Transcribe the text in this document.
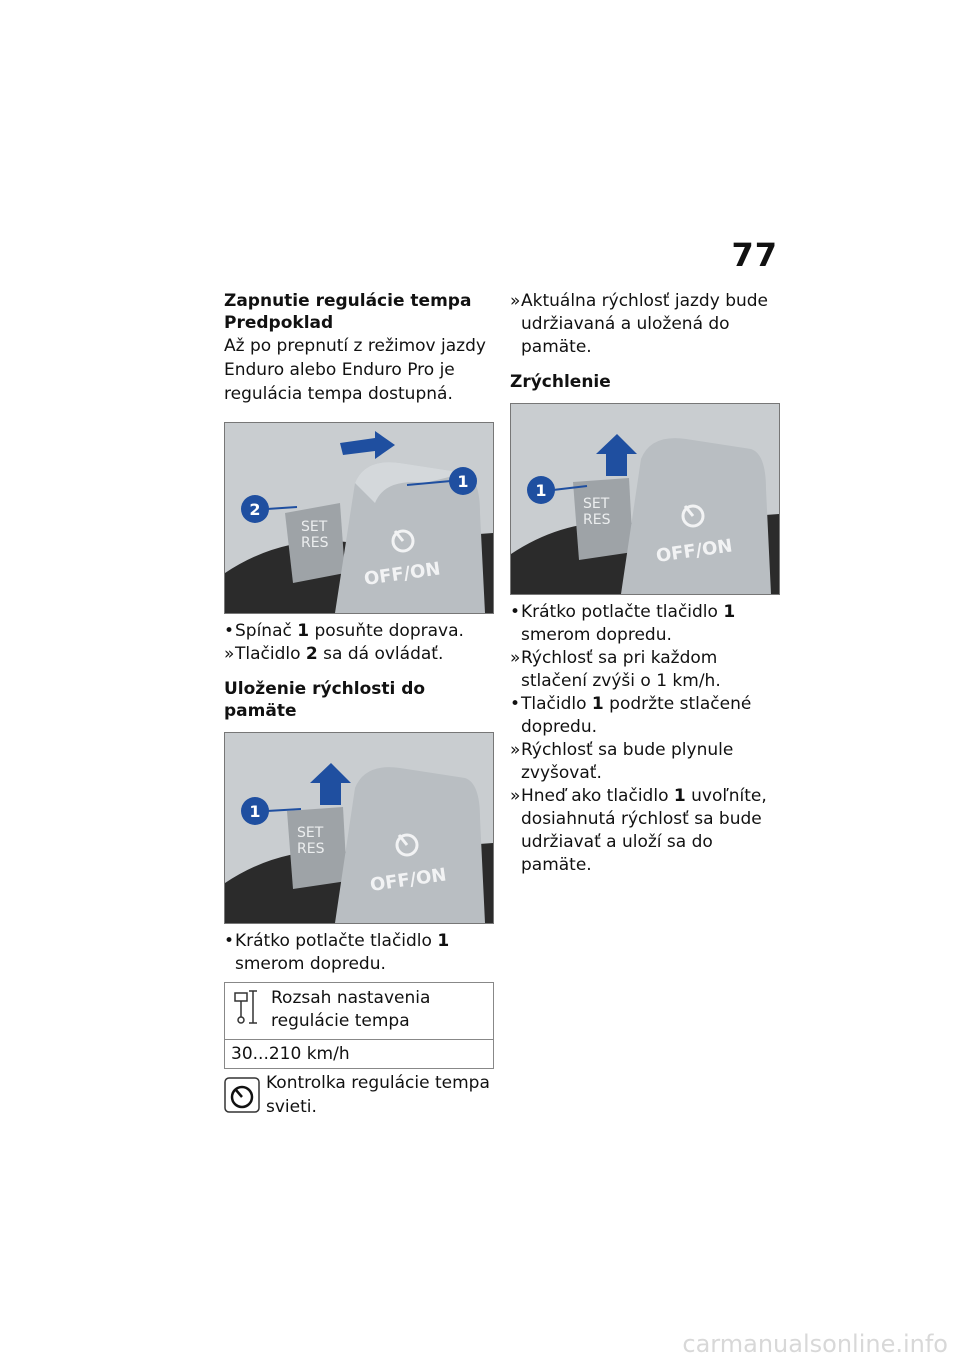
77

Zapnutie regulácie tempa

Predpoklad

Až po prepnutí z režimov jazdy Enduro alebo Enduro Pro je regulácia tempa dostupná.

2
1
SET
RES
OFF/ON
• Spínač 1 posuňte doprava.
» Tlačidlo 2 sa dá ovládať.

Uloženie rýchlosti do pamäte

1
SET
RES
OFF/ON
• Krátko potlačte tlačidlo 1 smerom dopredu.
Rozsah nastavenia regulácie tempa
30...210 km/h
Kontrolka regulácie tempa svieti.
» Aktuálna rýchlosť jazdy bude udržiavaná a uložená do pamäte.

Zrýchlenie

1
SET
RES
OFF/ON
• Krátko potlačte tlačidlo 1 smerom dopredu.
» Rýchlosť sa pri každom stlačení zvýši o 1 km/h.
• Tlačidlo 1 podržte stlačené dopredu.
» Rýchlosť sa bude plynule zvyšovať.
» Hneď ako tlačidlo 1 uvoľníte, dosiahnutá rýchlosť sa bude udržiavať a uloží sa do pamäte.
carmanualsonline.info
